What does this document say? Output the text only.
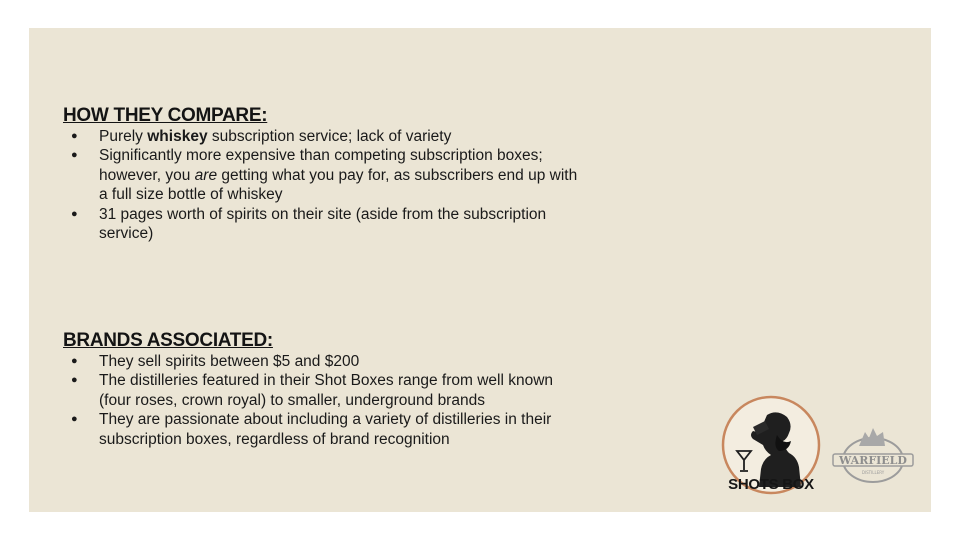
HOW THEY COMPARE:
● Purely whiskey subscription service; lack of variety
● Significantly more expensive than competing subscription boxes; however, you are getting what you pay for, as subscribers end up with a full size bottle of whiskey
● 31 pages worth of spirits on their site (aside from the subscription service)
BRANDS ASSOCIATED:
● They sell spirits between $5 and $200
● The distilleries featured in their Shot Boxes range from well known (four roses, crown royal) to smaller, underground brands
● They are passionate about including a variety of distilleries in their subscription boxes, regardless of brand recognition
SHOTS BOX
WARFIELD
DISTILLERY
